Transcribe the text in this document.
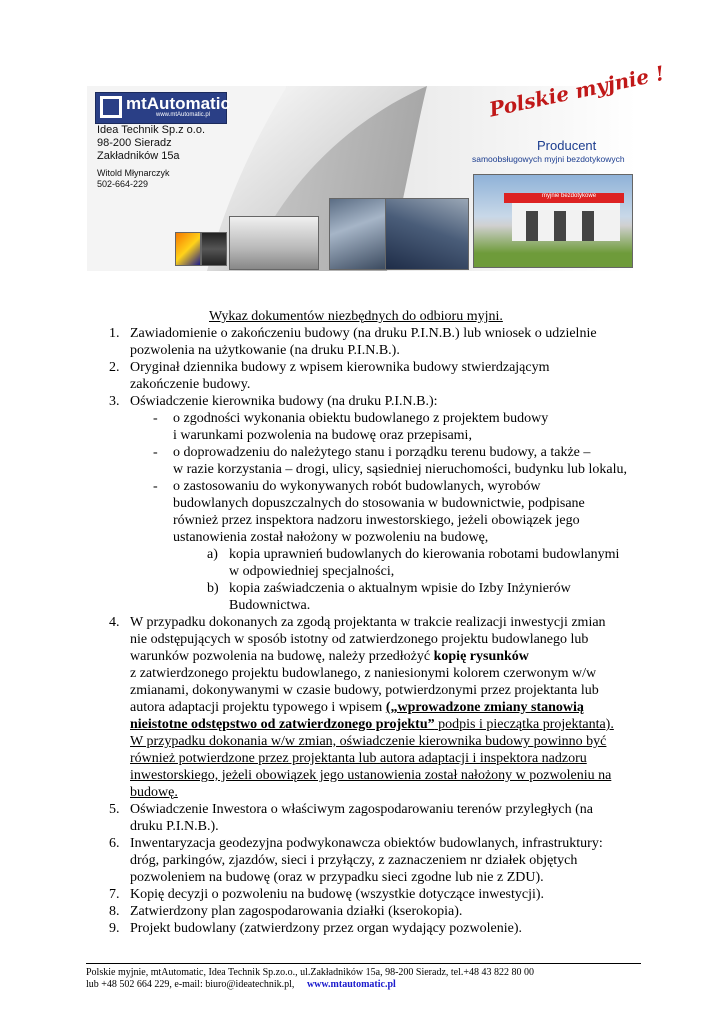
mtAutomatic
www.mtAutomatic.pl
Idea Technik Sp.z o.o.
98-200 Sieradz
Zakładników 15a
Witold Młynarczyk
502-664-229
Polskie myjnie !
Producent
samoobsługowych myjni bezdotykowych
myjnie bezdotykowe
Wykaz dokumentów niezbędnych do odbioru myjni.
1. Zawiadomienie o zakończeniu budowy (na druku P.I.N.B.) lub wniosek o udzielnie
pozwolenia na użytkowanie (na druku P.I.N.B.).
2. Oryginał dziennika budowy z wpisem kierownika budowy stwierdzającym
zakończenie budowy.
3. Oświadczenie kierownika budowy (na druku P.I.N.B.):
- o zgodności wykonania obiektu budowlanego z projektem budowy
i warunkami pozwolenia na budowę oraz przepisami,
- o doprowadzeniu do należytego stanu i porządku terenu budowy, a także –
w razie korzystania – drogi, ulicy, sąsiedniej nieruchomości, budynku lub lokalu,
- o zastosowaniu do wykonywanych robót budowlanych, wyrobów
budowlanych dopuszczalnych do stosowania w budownictwie, podpisane
również przez inspektora nadzoru inwestorskiego, jeżeli obowiązek jego
ustanowienia został nałożony w pozwoleniu na budowę,
a) kopia uprawnień budowlanych do kierowania robotami budowlanymi
w odpowiedniej specjalności,
b) kopia zaświadczenia o aktualnym wpisie do Izby Inżynierów
Budownictwa.
4. W przypadku dokonanych za zgodą projektanta w trakcie realizacji inwestycji zmian
nie odstępujących w sposób istotny od zatwierdzonego projektu budowlanego lub
warunków pozwolenia na budowę, należy przedłożyć kopię rysunków
z zatwierdzonego projektu budowlanego, z naniesionymi kolorem czerwonym w/w
zmianami, dokonywanymi w czasie budowy, potwierdzonymi przez projektanta lub
autora adaptacji projektu typowego i wpisem („wprowadzone zmiany stanowią
nieistotne odstępstwo od zatwierdzonego projektu” podpis i pieczątka projektanta).
W przypadku dokonania w/w zmian, oświadczenie kierownika budowy powinno być
również potwierdzone przez projektanta lub autora adaptacji i inspektora nadzoru
inwestorskiego, jeżeli obowiązek jego ustanowienia został nałożony w pozwoleniu na
budowę.
5. Oświadczenie Inwestora o właściwym zagospodarowaniu terenów przyległych (na
druku P.I.N.B.).
6. Inwentaryzacja geodezyjna podwykonawcza obiektów budowlanych, infrastruktury:
dróg, parkingów, zjazdów, sieci i przyłączy, z zaznaczeniem nr działek objętych
pozwoleniem na budowę (oraz w przypadku sieci zgodne lub nie z ZDU).
7. Kopię decyzji o pozwoleniu na budowę (wszystkie dotyczące inwestycji).
8. Zatwierdzony plan zagospodarowania działki (kserokopia).
9. Projekt budowlany (zatwierdzony przez organ wydający pozwolenie).
Polskie myjnie, mtAutomatic, Idea Technik Sp.zo.o., ul.Zakładników 15a, 98-200 Sieradz, tel.+48 43 822 80 00
lub +48 502 664 229, e-mail: biuro@ideatechnik.pl, www.mtautomatic.pl
